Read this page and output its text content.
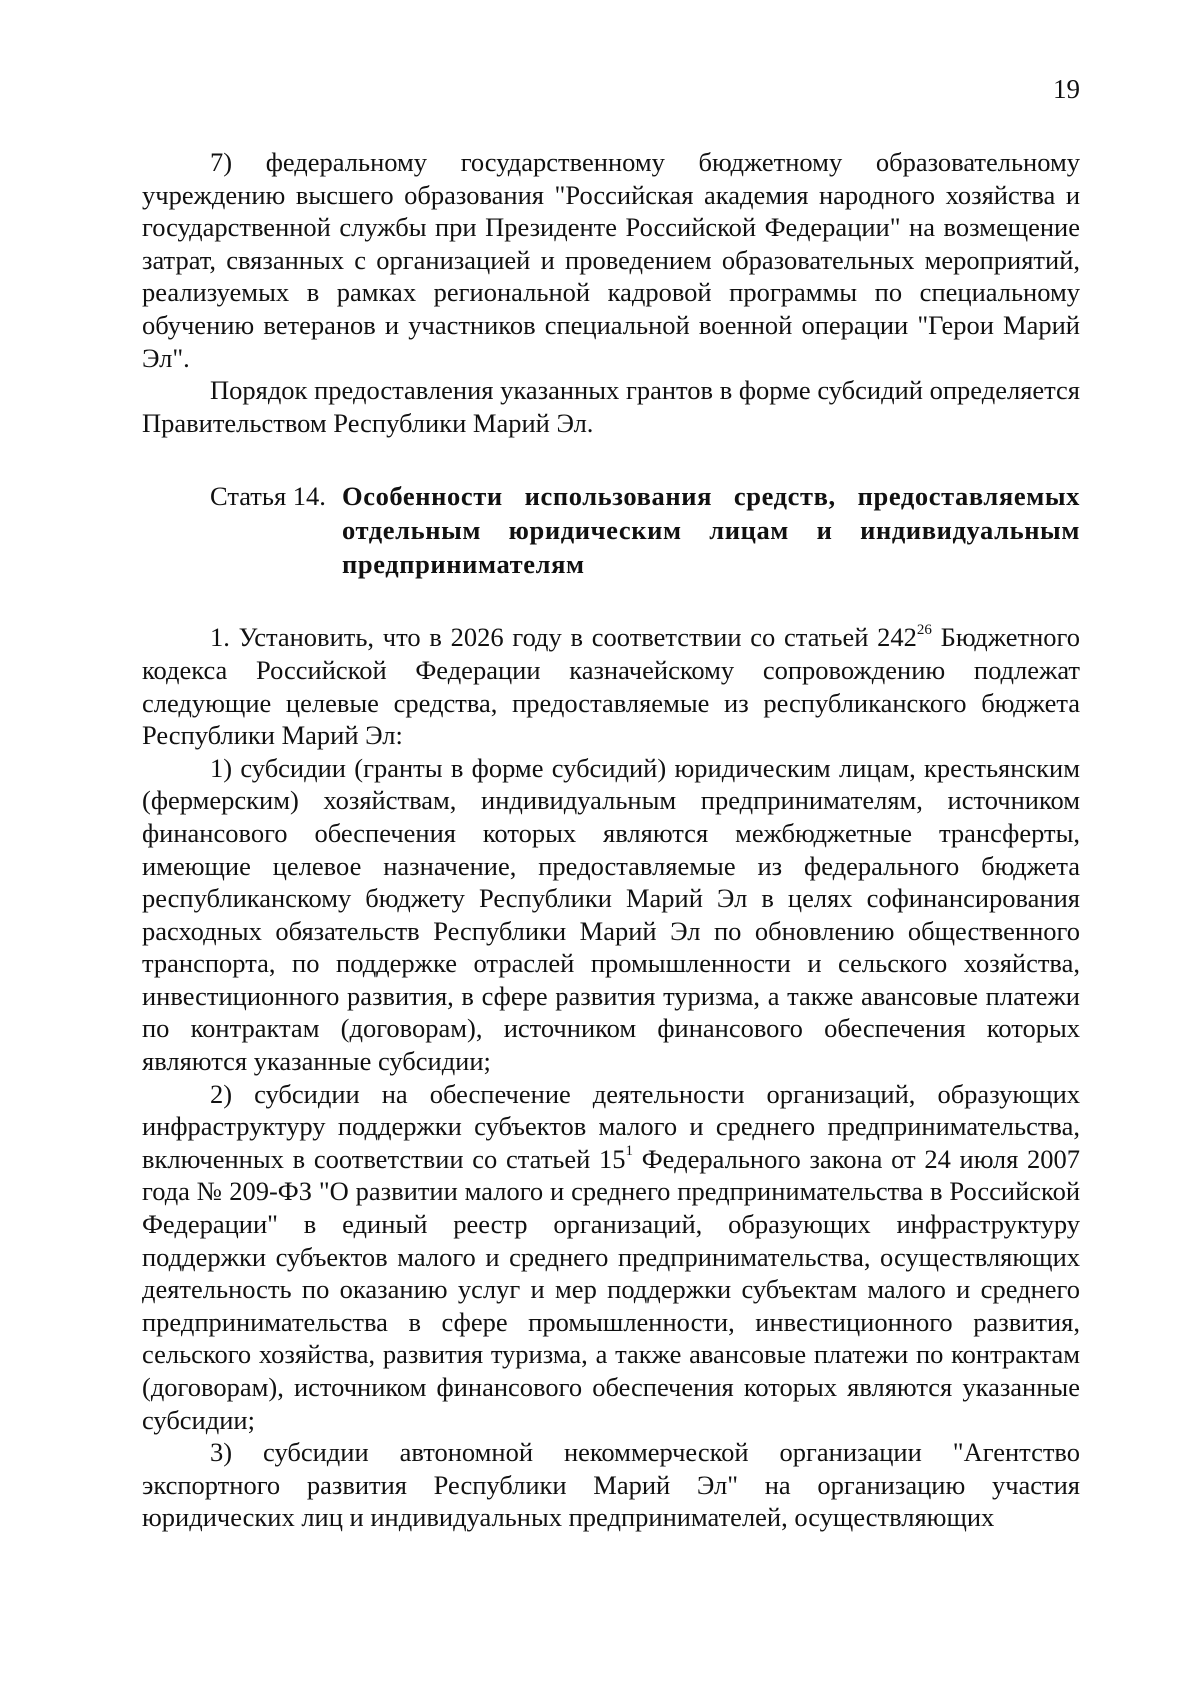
19

7) федеральному государственному бюджетному образовательному учреждению высшего образования "Российская академия народного хозяйства и государственной службы при Президенте Российской Федерации" на возмещение затрат, связанных с организацией и проведением образовательных мероприятий, реализуемых в рамках региональной кадровой программы по специальному обучению ветеранов и участников специальной военной операции "Герои Марий Эл".

Порядок предоставления указанных грантов в форме субсидий определяется Правительством Республики Марий Эл.

Статья 14. Особенности использования средств, предоставляемых отдельным юридическим лицам и индивидуальным предпринимателям

1. Установить, что в 2026 году в соответствии со статьей $242^{26}$ Бюджетного кодекса Российской Федерации казначейскому сопровождению подлежат следующие целевые средства, предоставляемые из республиканского бюджета Республики Марий Эл:

1) субсидии (гранты в форме субсидий) юридическим лицам, крестьянским (фермерским) хозяйствам, индивидуальным предпринимателям, источником финансового обеспечения которых являются межбюджетные трансферты, имеющие целевое назначение, предоставляемые из федерального бюджета республиканскому бюджету Республики Марий Эл в целях софинансирования расходных обязательств Республики Марий Эл по обновлению общественного транспорта, по поддержке отраслей промышленности и сельского хозяйства, инвестиционного развития, в сфере развития туризма, а также авансовые платежи по контрактам (договорам), источником финансового обеспечения которых являются указанные субсидии;

2) субсидии на обеспечение деятельности организаций, образующих инфраструктуру поддержки субъектов малого и среднего предпринимательства, включенных в соответствии со статьей $15^1$ Федерального закона от 24 июля 2007 года № 209-ФЗ "О развитии малого и среднего предпринимательства в Российской Федерации" в единый реестр организаций, образующих инфраструктуру поддержки субъектов малого и среднего предпринимательства, осуществляющих деятельность по оказанию услуг и мер поддержки субъектам малого и среднего предпринимательства в сфере промышленности, инвестиционного развития, сельского хозяйства, развития туризма, а также авансовые платежи по контрактам (договорам), источником финансового обеспечения которых являются указанные субсидии;

3) субсидии автономной некоммерческой организации "Агентство экспортного развития Республики Марий Эл" на организацию участия юридических лиц и индивидуальных предпринимателей, осуществляющих
